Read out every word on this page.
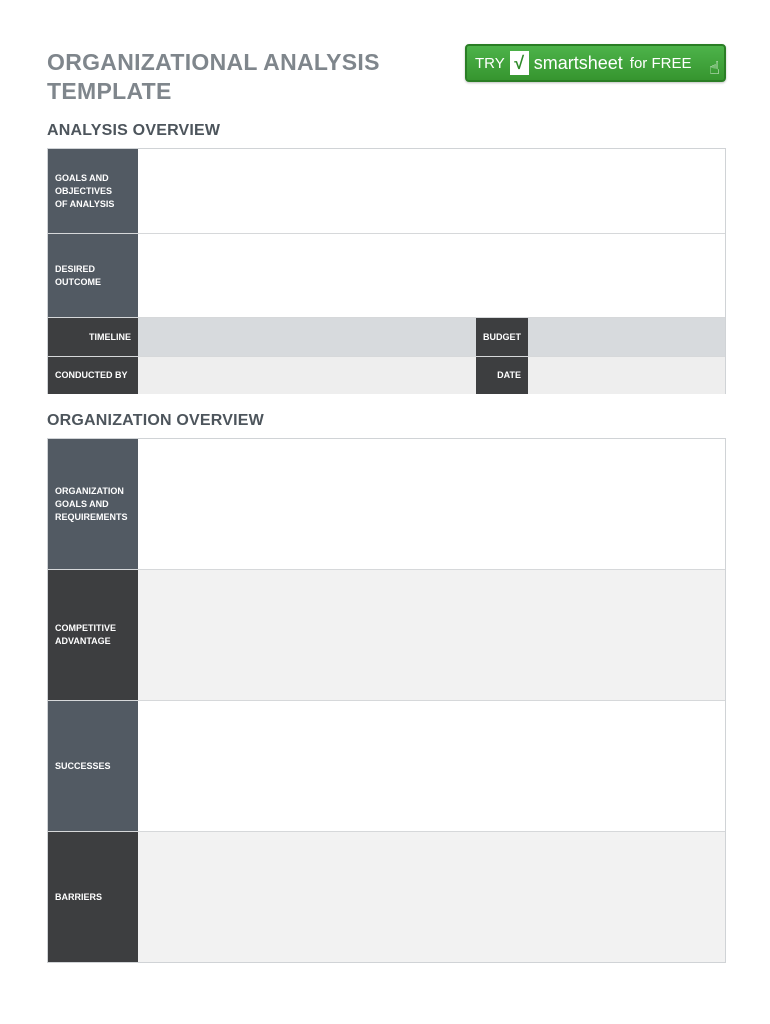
ORGANIZATIONAL ANALYSIS
TEMPLATE
TRY √ smartsheet for FREE ☝
ANALYSIS OVERVIEW
GOALS AND
OBJECTIVES
OF ANALYSIS
DESIRED
OUTCOME
TIMELINE	BUDGET
CONDUCTED BY	DATE
ORGANIZATION OVERVIEW
ORGANIZATION
GOALS AND
REQUIREMENTS
COMPETITIVE
ADVANTAGE
SUCCESSES
BARRIERS
